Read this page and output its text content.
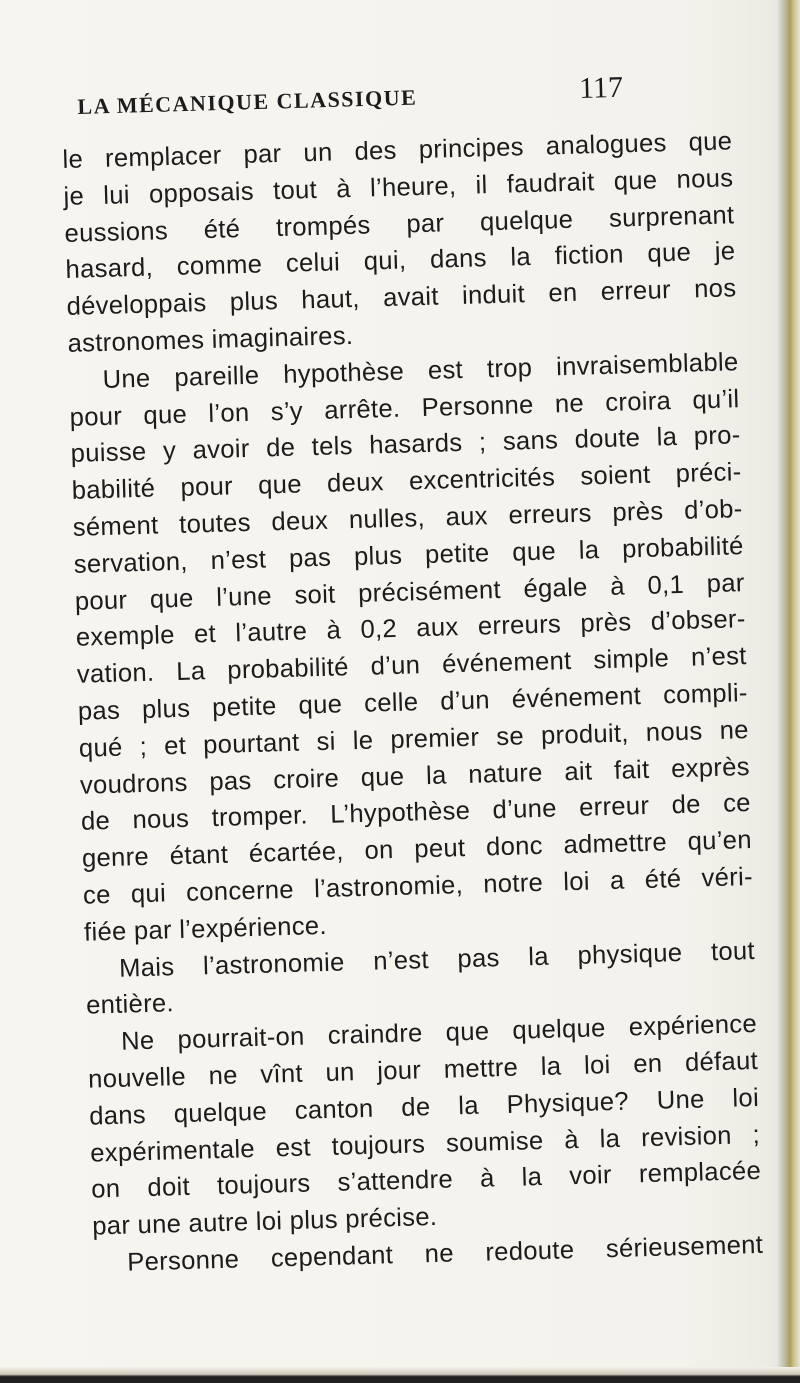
LA MÉCANIQUE CLASSIQUE	117
le remplacer par un des principes analogues que
je lui opposais tout à l’heure, il faudrait que nous
eussions été trompés par quelque surprenant
hasard, comme celui qui, dans la fiction que je
développais plus haut, avait induit en erreur nos
astronomes imaginaires.
Une pareille hypothèse est trop invraisemblable
pour que l’on s’y arrête. Personne ne croira qu’il
puisse y avoir de tels hasards ; sans doute la pro-
babilité pour que deux excentricités soient préci-
sément toutes deux nulles, aux erreurs près d’ob-
servation, n’est pas plus petite que la probabilité
pour que l’une soit précisément égale à 0,1 par
exemple et l’autre à 0,2 aux erreurs près d’obser-
vation. La probabilité d’un événement simple n’est
pas plus petite que celle d’un événement compli-
qué ; et pourtant si le premier se produit, nous ne
voudrons pas croire que la nature ait fait exprès
de nous tromper. L’hypothèse d’une erreur de ce
genre étant écartée, on peut donc admettre qu’en
ce qui concerne l’astronomie, notre loi a été véri-
fiée par l’expérience.
Mais l’astronomie n’est pas la physique tout
entière.
Ne pourrait-on craindre que quelque expérience
nouvelle ne vînt un jour mettre la loi en défaut
dans quelque canton de la Physique? Une loi
expérimentale est toujours soumise à la revision ;
on doit toujours s’attendre à la voir remplacée
par une autre loi plus précise.
Personne cependant ne redoute sérieusement
